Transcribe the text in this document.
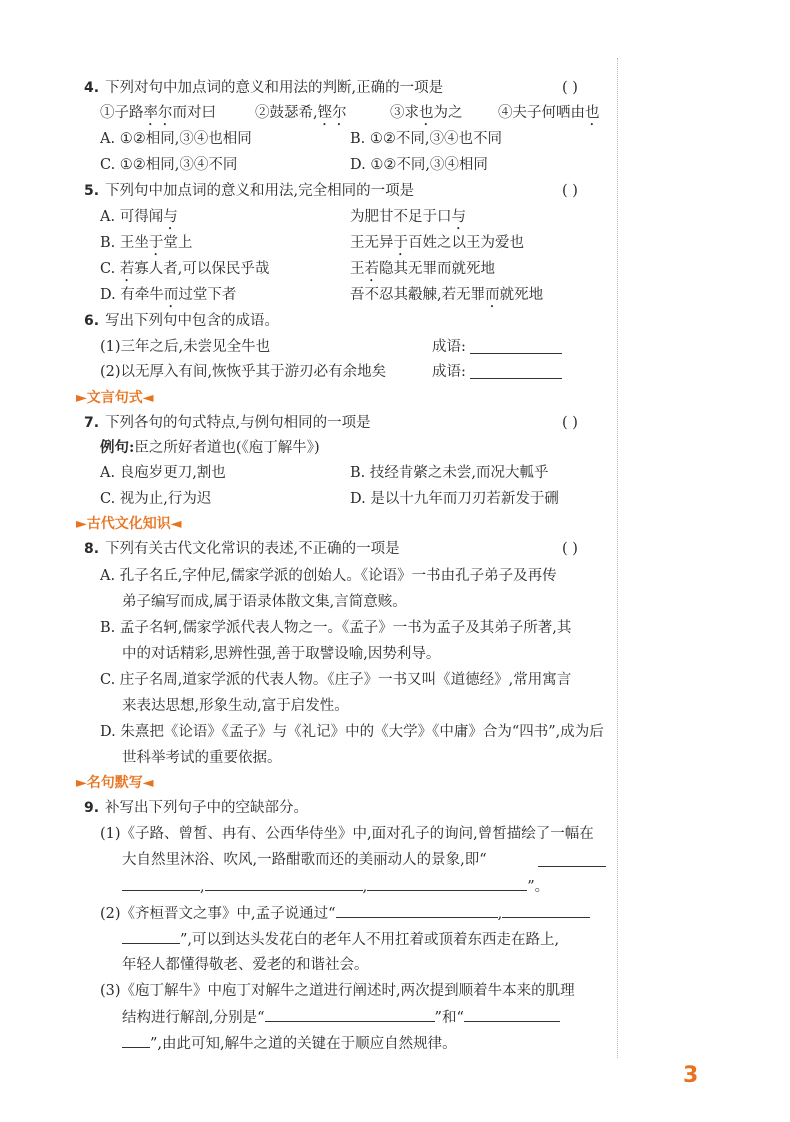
4. 下列对句中加点词的意义和用法的判断,正确的一项是	( )
①子路率尔而对曰	②鼓瑟希,铿尔	③求也为之 ④夫子何哂由也
A. ①②相同,③④也相同	B. ①②不同,③④也不同
C. ①②相同,③④不同	D. ①②不同,③④相同
5. 下列句中加点词的意义和用法,完全相同的一项是	( )
A. 可得闻与	为肥甘不足于口与
B. 王坐于堂上	王无异于百姓之以王为爱也
C. 若寡人者,可以保民乎哉	王若隐其无罪而就死地
D. 有牵牛而过堂下者	吾不忍其觳觫,若无罪而就死地
6. 写出下列句中包含的成语。
(1)三年之后,未尝见全牛也	成语:
(2)以无厚入有间,恢恢乎其于游刃必有余地矣	成语:
►文言句式◄
7. 下列各句的句式特点,与例句相同的一项是	( )
例句:臣之所好者道也(《庖丁解牛》)
A. 良庖岁更刀,割也	B. 技经肯綮之未尝,而况大軱乎
C. 视为止,行为迟	D. 是以十九年而刀刃若新发于硎
►古代文化知识◄
8. 下列有关古代文化常识的表述,不正确的一项是	( )
A. 孔子名丘,字仲尼,儒家学派的创始人。《论语》一书由孔子弟子及再传
弟子编写而成,属于语录体散文集,言简意赅。
B. 孟子名轲,儒家学派代表人物之一。《孟子》一书为孟子及其弟子所著,其
中的对话精彩,思辨性强,善于取譬设喻,因势利导。
C. 庄子名周,道家学派的代表人物。《庄子》一书又叫《道德经》,常用寓言
来表达思想,形象生动,富于启发性。
D. 朱熹把《论语》《孟子》与《礼记》中的《大学》《中庸》合为“四书”,成为后
世科举考试的重要依据。
►名句默写◄
9. 补写出下列句子中的空缺部分。
(1)《子路、曾皙、冉有、公西华侍坐》中,面对孔子的询问,曾皙描绘了一幅在
大自然里沐浴、吹风,一路酣歌而还的美丽动人的景象,即“
,	,	”。
(2)《齐桓晋文之事》中,孟子说通过“	,
”,可以到达头发花白的老年人不用扛着或顶着东西走在路上,
年轻人都懂得敬老、爱老的和谐社会。
(3)《庖丁解牛》中庖丁对解牛之道进行阐述时,两次提到顺着牛本来的肌理
结构进行解剖,分别是“	”和“
”,由此可知,解牛之道的关键在于顺应自然规律。
3
